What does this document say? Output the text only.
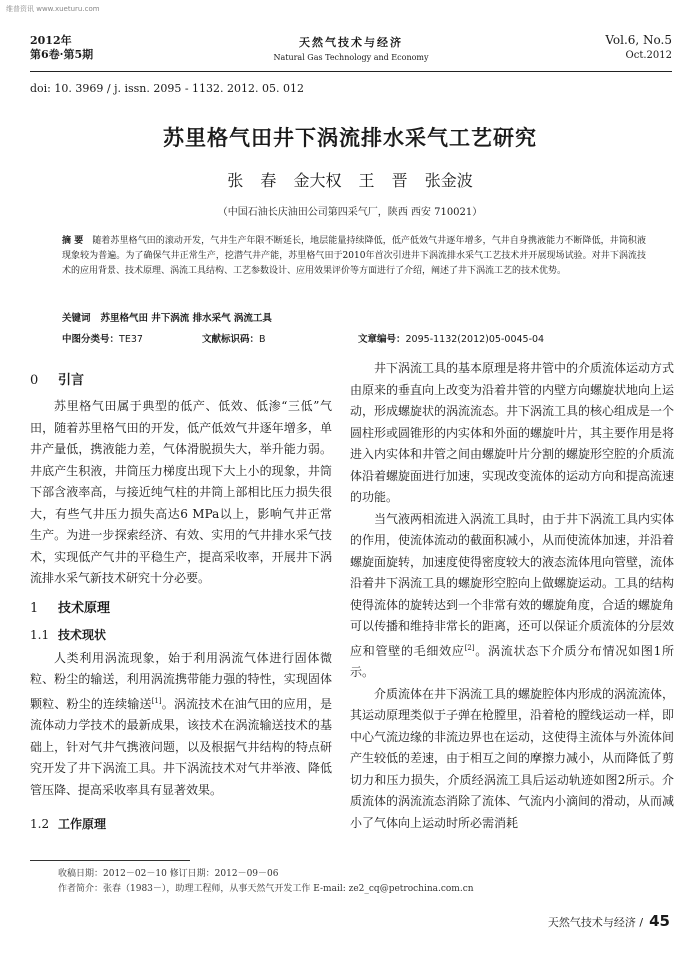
维普资讯 www.xueturu.com
2012年
第6卷·第5期
天然气技术与经济
Natural Gas Technology and Economy
Vol.6, No.5
Oct.2012
doi: 10. 3969 / j. issn. 2095 - 1132. 2012. 05. 012
苏里格气田井下涡流排水采气工艺研究
张 春 金大权 王 晋 张金波
（中国石油长庆油田公司第四采气厂，陕西 西安 710021）
摘 要 随着苏里格气田的滚动开发，气井生产年限不断延长，地层能量持续降低，低产低效气井逐年增多，气井自身携液能力不断降低，井筒积液现象较为普遍。为了确保气井正常生产，挖潜气井产能，苏里格气田于2010年首次引进井下涡流排水采气工艺技术并开展现场试验。对井下涡流技术的应用背景、技术原理、涡流工具结构、工艺参数设计、应用效果评价等方面进行了介绍，阐述了井下涡流工艺的技术优势。
关键词 苏里格气田 井下涡流 排水采气 涡流工具
中图分类号：TE37	文献标识码：B	文章编号：2095-1132(2012)05-0045-04
0 引言

苏里格气田属于典型的低产、低效、低渗“三低”气田，随着苏里格气田的开发，低产低效气井逐年增多，单井产量低，携液能力差，气体滑脱损失大，举升能力弱。井底产生积液，井筒压力梯度出现下大上小的现象，井筒下部含液率高，与接近纯气柱的井筒上部相比压力损失很大，有些气井压力损失高达6 MPa以上，影响气井正常生产。为进一步探索经济、有效、实用的气井排水采气技术，实现低产气井的平稳生产，提高采收率，开展井下涡流排水采气新技术研究十分必要。

1 技术原理
1.1 技术现状

人类利用涡流现象，始于利用涡流气体进行固体微粒、粉尘的输送，利用涡流携带能力强的特性，实现固体颗粒、粉尘的连续输送[1]。涡流技术在油气田的应用，是流体动力学技术的最新成果，该技术在涡流输送技术的基础上，针对气井气携液问题，以及根据气井结构的特点研究开发了井下涡流工具。井下涡流技术对气井举液、降低管压降、提高采收率具有显著效果。

1.2 工作原理

井下涡流工具的基本原理是将井管中的介质流体运动方式由原来的垂直向上改变为沿着井管的内壁方向螺旋状地向上运动，形成螺旋状的涡流流态。井下涡流工具的核心组成是一个圆柱形或圆锥形的内实体和外面的螺旋叶片，其主要作用是将进入内实体和井管之间由螺旋叶片分割的螺旋形空腔的介质流体沿着螺旋面进行加速，实现改变流体的运动方向和提高流速的功能。

当气液两相流进入涡流工具时，由于井下涡流工具内实体的作用，使流体流动的截面积减小，从而使流体加速，并沿着螺旋面旋转，加速度使得密度较大的液态流体甩向管壁，流体沿着井下涡流工具的螺旋形空腔向上做螺旋运动。工具的结构使得流体的旋转达到一个非常有效的螺旋角度，合适的螺旋角可以传播和维持非常长的距离，还可以保证介质流体的分层效应和管壁的毛细效应[2]。涡流状态下介质分布情况如图1所示。

介质流体在井下涡流工具的螺旋腔体内形成的涡流流体，其运动原理类似于子弹在枪膛里，沿着枪的膛线运动一样，即中心气流边缘的非流边界也在运动，这使得主流体与外流体间产生较低的差速，由于相互之间的摩擦力减小，从而降低了剪切力和压力损失，介质经涡流工具后运动轨迹如图2所示。介质流体的涡流流态消除了流体、气流内小滴间的滑动，从而减小了气体向上运动时所必需消耗

收稿日期：2012－02－10 修订日期：2012－09－06
作者简介：张春（1983－），助理工程师，从事天然气开发工作 E-mail: ze2_cq@petrochina.com.cn
天然气技术与经济 / 45
